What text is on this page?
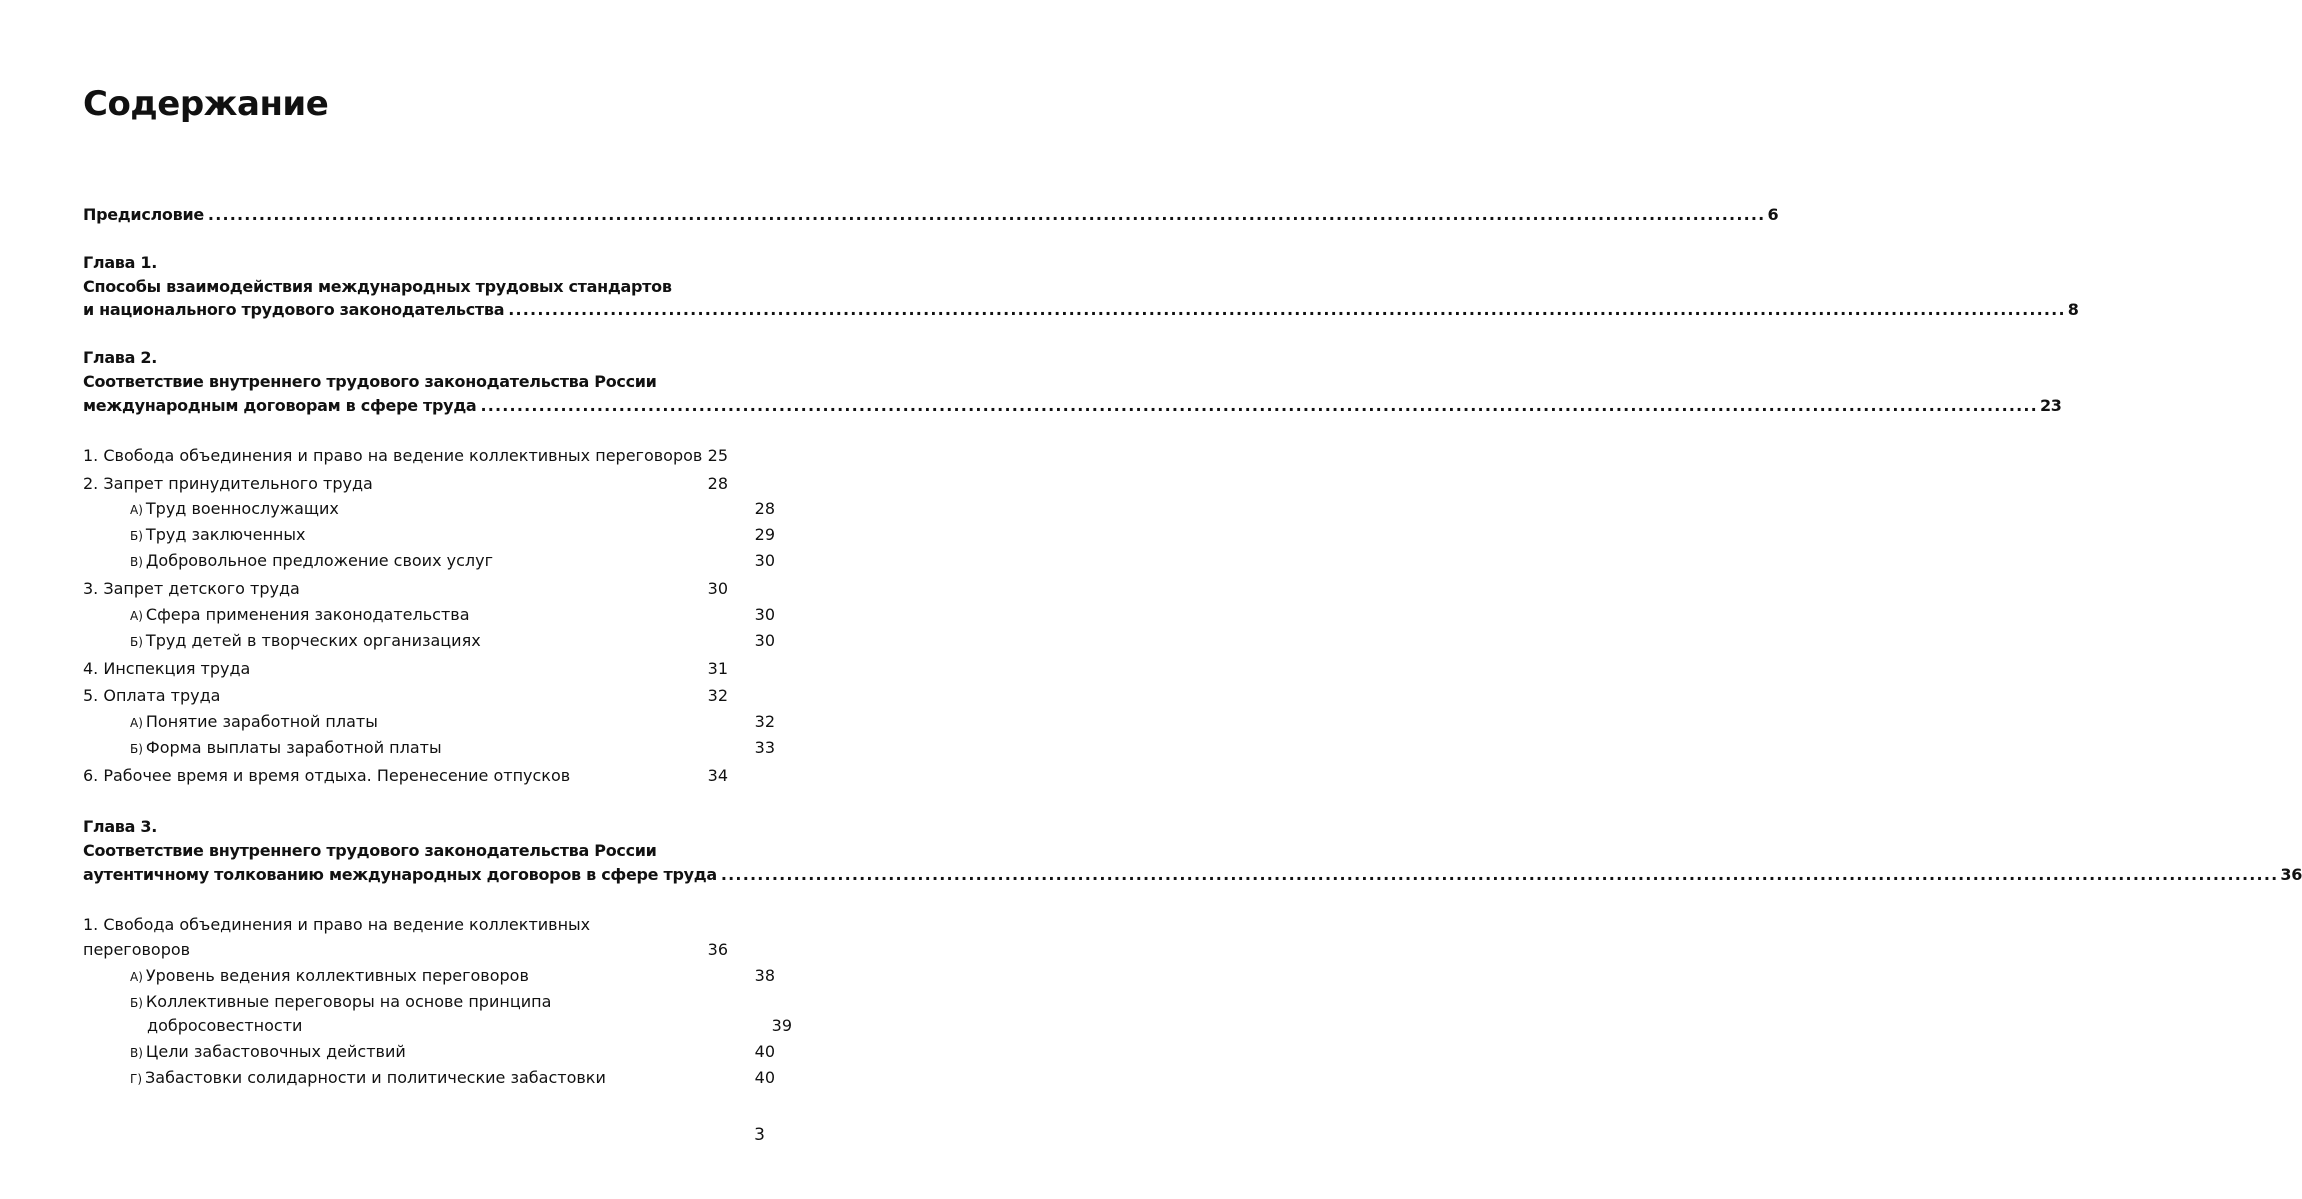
Содержание
Предисловие .....	6
Глава 1.
Способы взаимодействия международных трудовых стандартов
и национального трудового законодательства .....	8
Глава 2.
Соответствие внутреннего трудового законодательства России
международным договорам в сфере труда .....	23
1. Свобода объединения и право на ведение коллективных переговоров 25
2. Запрет принудительного труда	28
А) Труд военнослужащих	28
Б) Труд заключенных	29
В) Добровольное предложение своих услуг	30
3. Запрет детского труда	30
А) Сфера применения законодательства	30
Б) Труд детей в творческих организациях	30
4. Инспекция труда	31
5. Оплата труда	32
А) Понятие заработной платы	32
Б) Форма выплаты заработной платы	33
6. Рабочее время и время отдыха. Перенесение отпусков	34
Глава 3.
Соответствие внутреннего трудового законодательства России
аутентичному толкованию международных договоров в сфере труда .....	36
1. Свобода объединения и право на ведение коллективных
переговоров	36
А) Уровень ведения коллективных переговоров	38
Б) Коллективные переговоры на основе принципа
добросовестности	39
В) Цели забастовочных действий	40
Г) Забастовки солидарности и политические забастовки	40
3
